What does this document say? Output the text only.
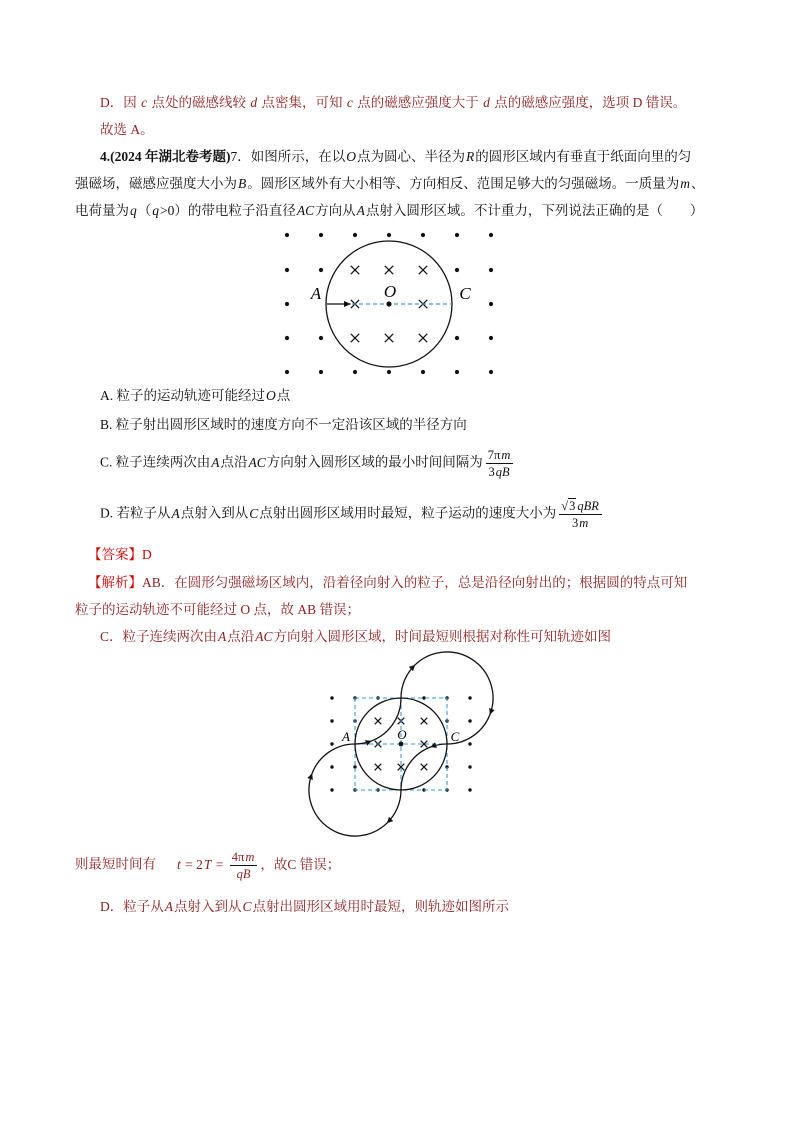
D．因 c 点处的磁感线较 d 点密集，可知 c 点的磁感应强度大于 d 点的磁感应强度，选项 D 错误。
故选 A。
4.(2024 年湖北卷考题)7．如图所示，在以O点为圆心、半径为R的圆形区域内有垂直于纸面向里的匀
强磁场，磁感应强度大小为B。圆形区域外有大小相等、方向相反、范围足够大的匀强磁场。一质量为m、
电荷量为q（q>0）的带电粒子沿直径AC方向从A点射入圆形区域。不计重力，下列说法正确的是（　　）
A	O	C
A. 粒子的运动轨迹可能经过O点
B. 粒子射出圆形区域时的速度方向不一定沿该区域的半径方向
C. 粒子连续两次由A点沿AC方向射入圆形区域的最小时间间隔为 $\frac{7\pi m}{3qB}$
D. 若粒子从A点射入到从C点射出圆形区域用时最短，粒子运动的速度大小为 $\frac{\text{√3 qBR}}{3m}$
【答案】D
【解析】AB．在圆形匀强磁场区域内，沿着径向射入的粒子，总是沿径向射出的；根据圆的特点可知
粒子的运动轨迹不可能经过 O 点，故 AB 错误；
C．粒子连续两次由A点沿AC方向射入圆形区域，时间最短则根据对称性可知轨迹如图
A	O	C
则最短时间有 $t = 2T = \frac{4\pi m}{qB}$ ，故C 错误；
D．粒子从A点射入到从C点射出圆形区域用时最短，则轨迹如图所示
